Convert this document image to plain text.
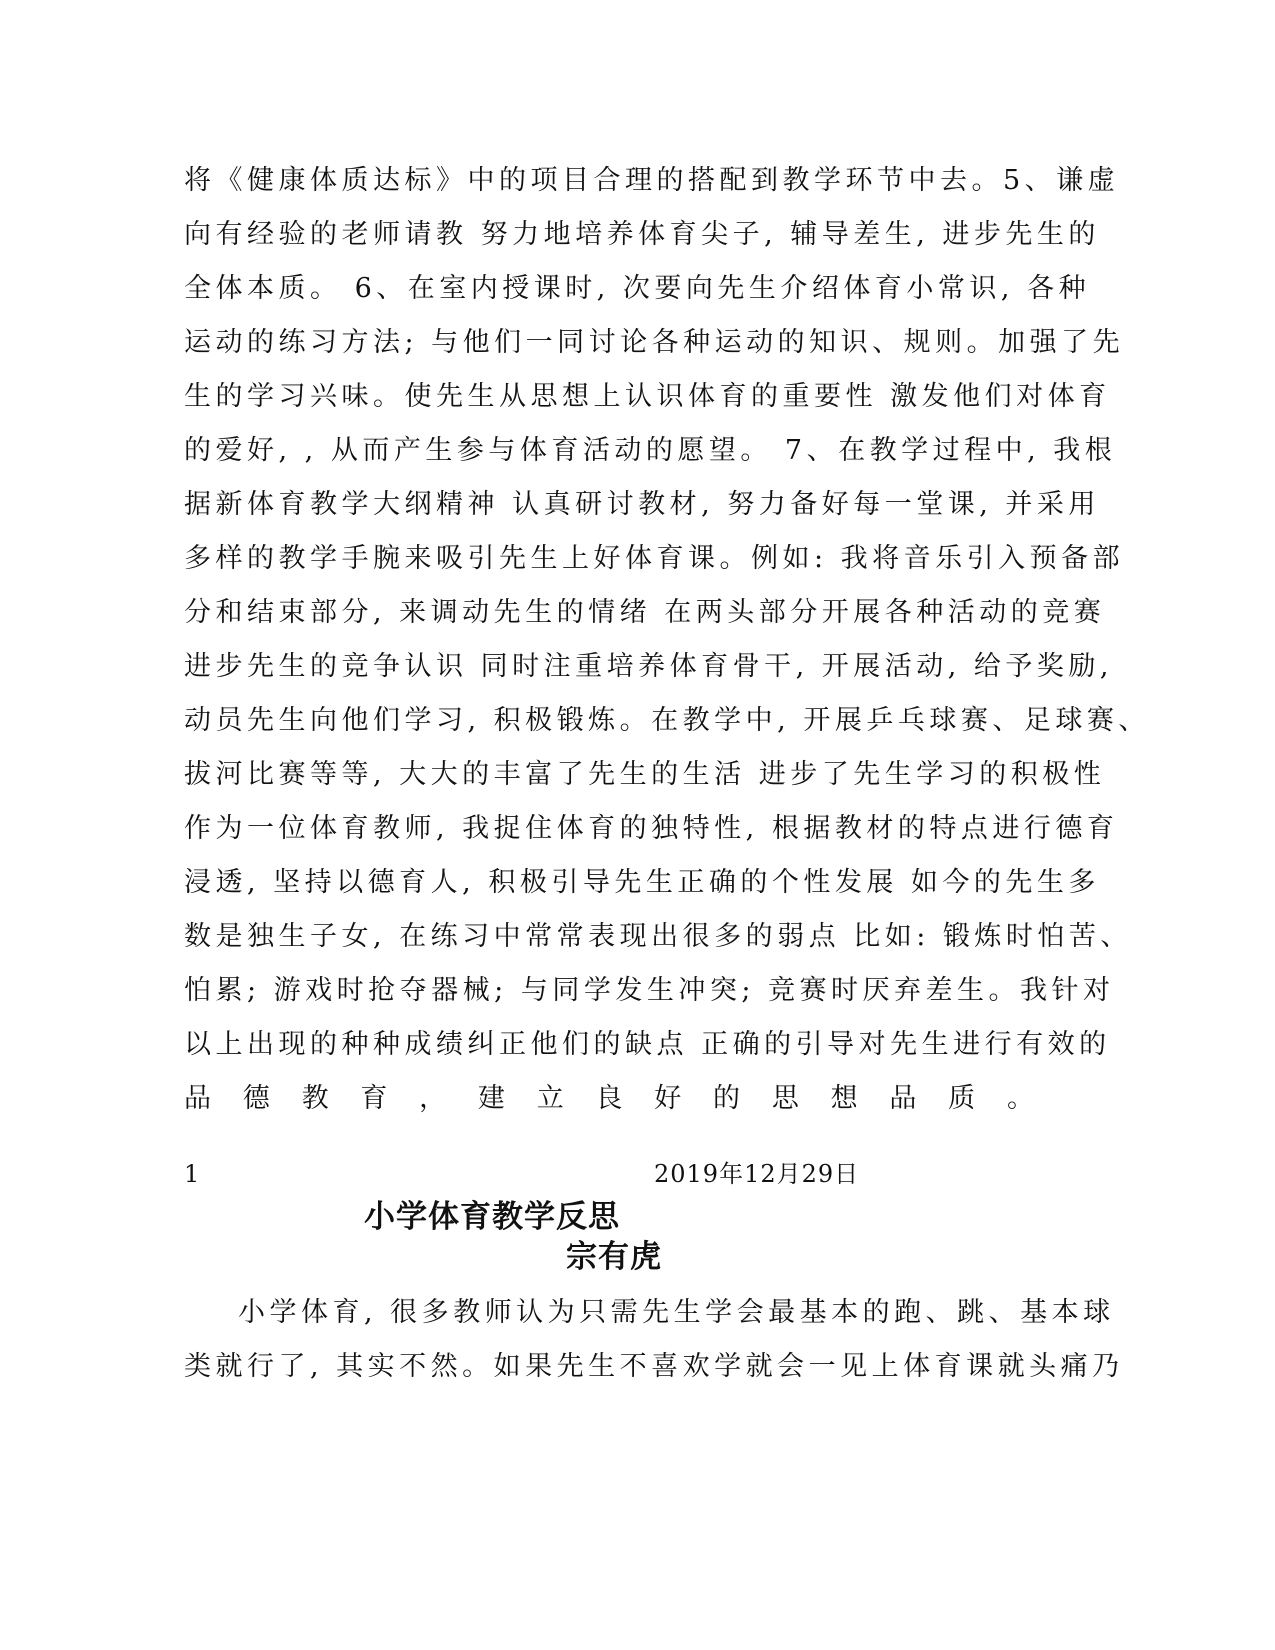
将《健康体质达标》中的项目合理的搭配到教学环节中去。5、谦虚
向有经验的老师请教 努力地培养体育尖子, 辅导差生, 进步先生的
全体本质。 6、在室内授课时, 次要向先生介绍体育小常识, 各种
运动的练习方法; 与他们一同讨论各种运动的知识、规则。加强了先
生的学习兴味。使先生从思想上认识体育的重要性 激发他们对体育
的爱好, , 从而产生参与体育活动的愿望。 7、在教学过程中, 我根
据新体育教学大纲精神 认真研讨教材, 努力备好每一堂课, 并采用
多样的教学手腕来吸引先生上好体育课。例如: 我将音乐引入预备部
分和结束部分, 来调动先生的情绪 在两头部分开展各种活动的竞赛
进步先生的竞争认识 同时注重培养体育骨干, 开展活动, 给予奖励,
动员先生向他们学习, 积极锻炼。在教学中, 开展乒乓球赛、足球赛、
拔河比赛等等, 大大的丰富了先生的生活 进步了先生学习的积极性
作为一位体育教师, 我捉住体育的独特性, 根据教材的特点进行德育
浸透, 坚持以德育人, 积极引导先生正确的个性发展 如今的先生多
数是独生子女, 在练习中常常表现出很多的弱点 比如: 锻炼时怕苦、
怕累; 游戏时抢夺器械; 与同学发生冲突; 竞赛时厌弃差生。我针对
以上出现的种种成绩纠正他们的缺点 正确的引导对先生进行有效的
品 德 教 育 ， 建 立 良 好 的 思 想 品 质 。
1	2019年12月29日
小学体育教学反思
宗有虎
小学体育, 很多教师认为只需先生学会最基本的跑、跳、基本球
类就行了, 其实不然。如果先生不喜欢学就会一见上体育课就头痛乃
